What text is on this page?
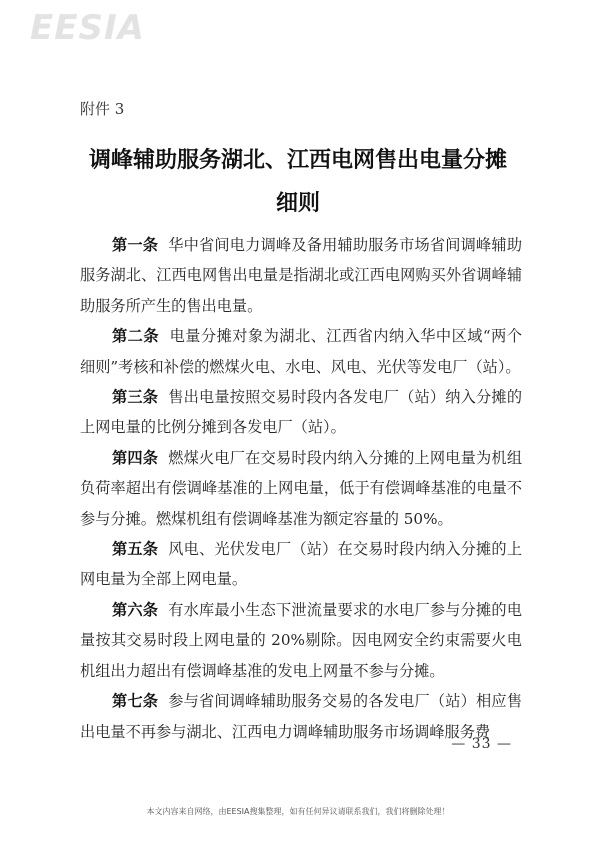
EESIA
附件 3
调峰辅助服务湖北、江西电网售出电量分摊
细则

第一条 华中省间电力调峰及备用辅助服务市场省间调峰辅助服务湖北、江西电网售出电量是指湖北或江西电网购买外省调峰辅助服务所产生的售出电量。

第二条 电量分摊对象为湖北、江西省内纳入华中区域“两个细则”考核和补偿的燃煤火电、水电、风电、光伏等发电厂（站）。

第三条 售出电量按照交易时段内各发电厂（站）纳入分摊的上网电量的比例分摊到各发电厂（站）。

第四条 燃煤火电厂在交易时段内纳入分摊的上网电量为机组负荷率超出有偿调峰基准的上网电量，低于有偿调峰基准的电量不参与分摊。燃煤机组有偿调峰基准为额定容量的 50%。

第五条 风电、光伏发电厂（站）在交易时段内纳入分摊的上网电量为全部上网电量。

第六条 有水库最小生态下泄流量要求的水电厂参与分摊的电量按其交易时段上网电量的 20%剔除。因电网安全约束需要火电机组出力超出有偿调峰基准的发电上网量不参与分摊。

第七条 参与省间调峰辅助服务交易的各发电厂（站）相应售出电量不再参与湖北、江西电力调峰辅助服务市场调峰服务费

— 33 —
本文内容来自网络，由EESIA搜集整理，如有任何异议请联系我们，我们将删除处理！
